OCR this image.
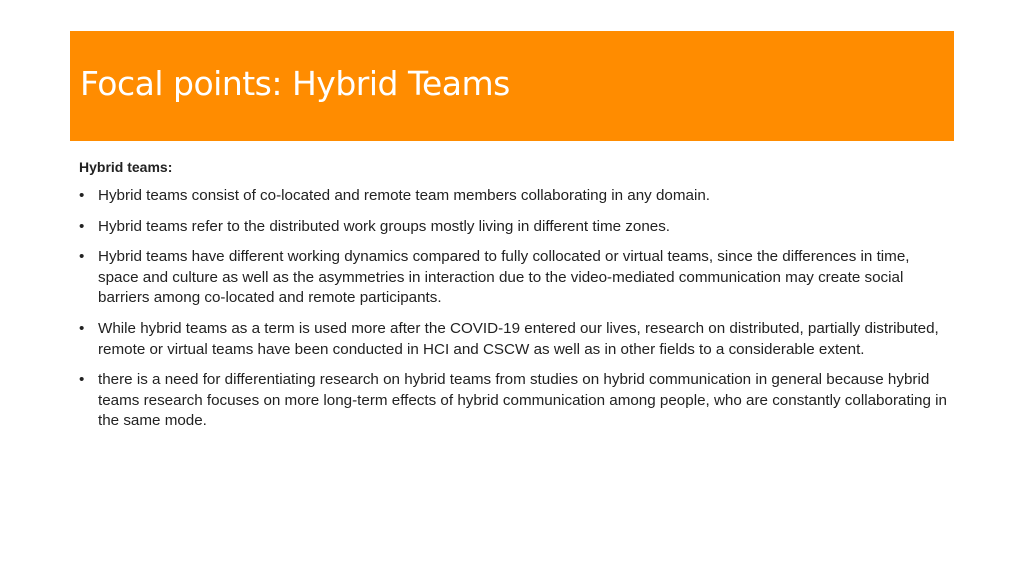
Focal points: Hybrid Teams
Hybrid teams:
• Hybrid teams consist of co-located and remote team members collaborating in any domain.
• Hybrid teams refer to the distributed work groups mostly living in different time zones.
• Hybrid teams have different working dynamics compared to fully collocated or virtual teams, since the differences in time, space and culture as well as the asymmetries in interaction due to the video-mediated communication may create social barriers among co-located and remote participants.
• While hybrid teams as a term is used more after the COVID-19 entered our lives, research on distributed, partially distributed, remote or virtual teams have been conducted in HCI and CSCW as well as in other fields to a considerable extent.
• there is a need for differentiating research on hybrid teams from studies on hybrid communication in general because hybrid teams research focuses on more long-term effects of hybrid communication among people, who are constantly collaborating in the same mode.
